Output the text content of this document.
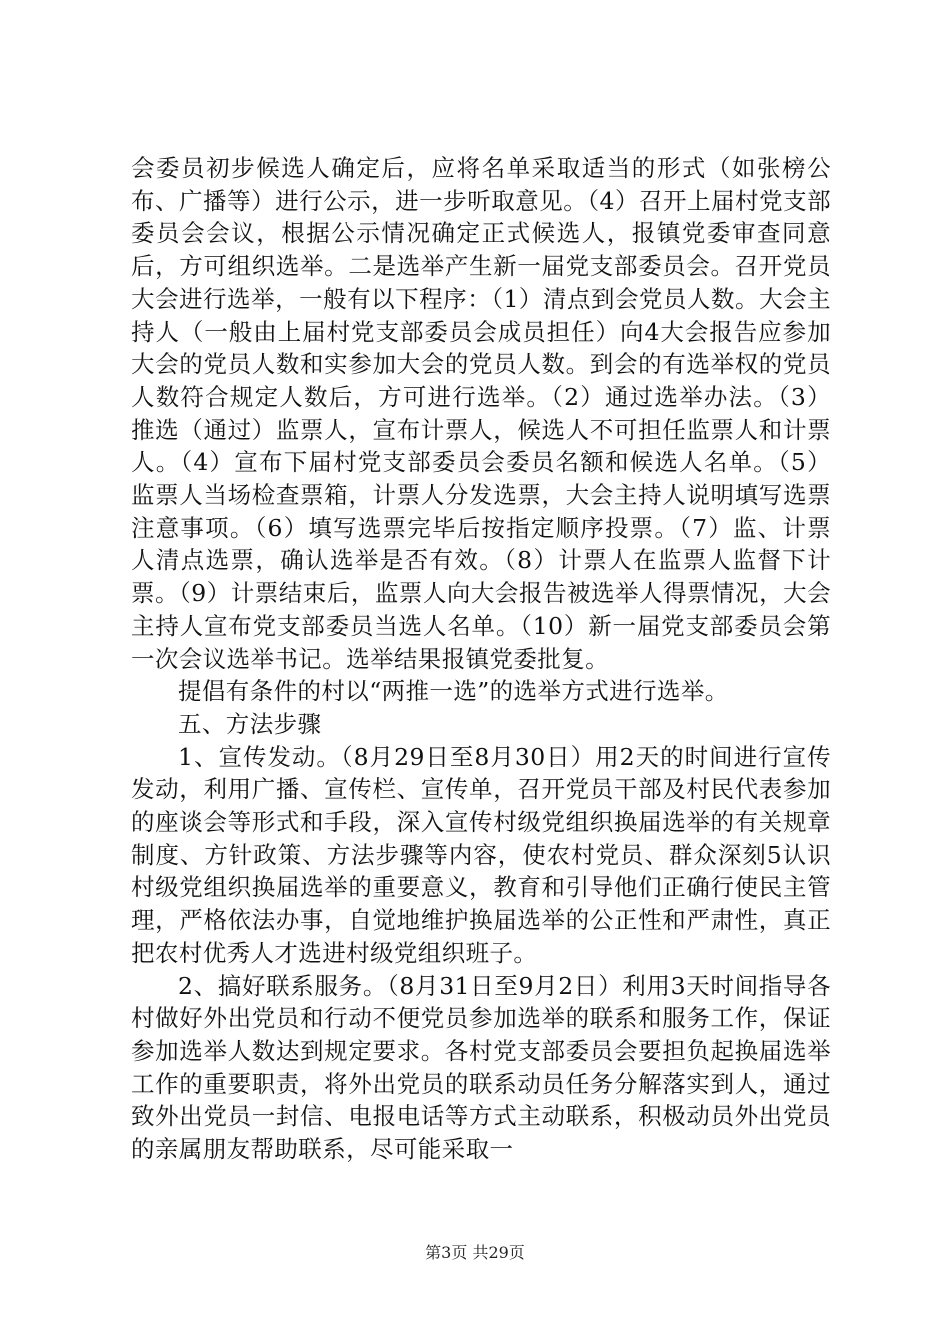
会委员初步候选人确定后，应将名单采取适当的形式（如张榜公布、广播等）进行公示，进一步听取意见。（4）召开上届村党支部委员会会议，根据公示情况确定正式候选人，报镇党委审查同意后，方可组织选举。二是选举产生新一届党支部委员会。召开党员大会进行选举，一般有以下程序：（1）清点到会党员人数。大会主持人（一般由上届村党支部委员会成员担任）向4大会报告应参加大会的党员人数和实参加大会的党员人数。到会的有选举权的党员人数符合规定人数后，方可进行选举。（2）通过选举办法。（3）推选（通过）监票人，宣布计票人，候选人不可担任监票人和计票人。（4）宣布下届村党支部委员会委员名额和候选人名单。（5）监票人当场检查票箱，计票人分发选票，大会主持人说明填写选票注意事项。（6）填写选票完毕后按指定顺序投票。（7）监、计票人清点选票，确认选举是否有效。（8）计票人在监票人监督下计票。（9）计票结束后，监票人向大会报告被选举人得票情况，大会主持人宣布党支部委员当选人名单。（10）新一届党支部委员会第一次会议选举书记。选举结果报镇党委批复。

提倡有条件的村以“两推一选”的选举方式进行选举。

五、方法步骤

1、宣传发动。（8月29日至8月30日）用2天的时间进行宣传发动，利用广播、宣传栏、宣传单，召开党员干部及村民代表参加的座谈会等形式和手段，深入宣传村级党组织换届选举的有关规章制度、方针政策、方法步骤等内容，使农村党员、群众深刻5认识村级党组织换届选举的重要意义，教育和引导他们正确行使民主管理，严格依法办事，自觉地维护换届选举的公正性和严肃性，真正把农村优秀人才选进村级党组织班子。

2、搞好联系服务。（8月31日至9月2日）利用3天时间指导各村做好外出党员和行动不便党员参加选举的联系和服务工作，保证参加选举人数达到规定要求。各村党支部委员会要担负起换届选举工作的重要职责，将外出党员的联系动员任务分解落实到人，通过致外出党员一封信、电报电话等方式主动联系，积极动员外出党员的亲属朋友帮助联系，尽可能采取一

第3页 共29页
